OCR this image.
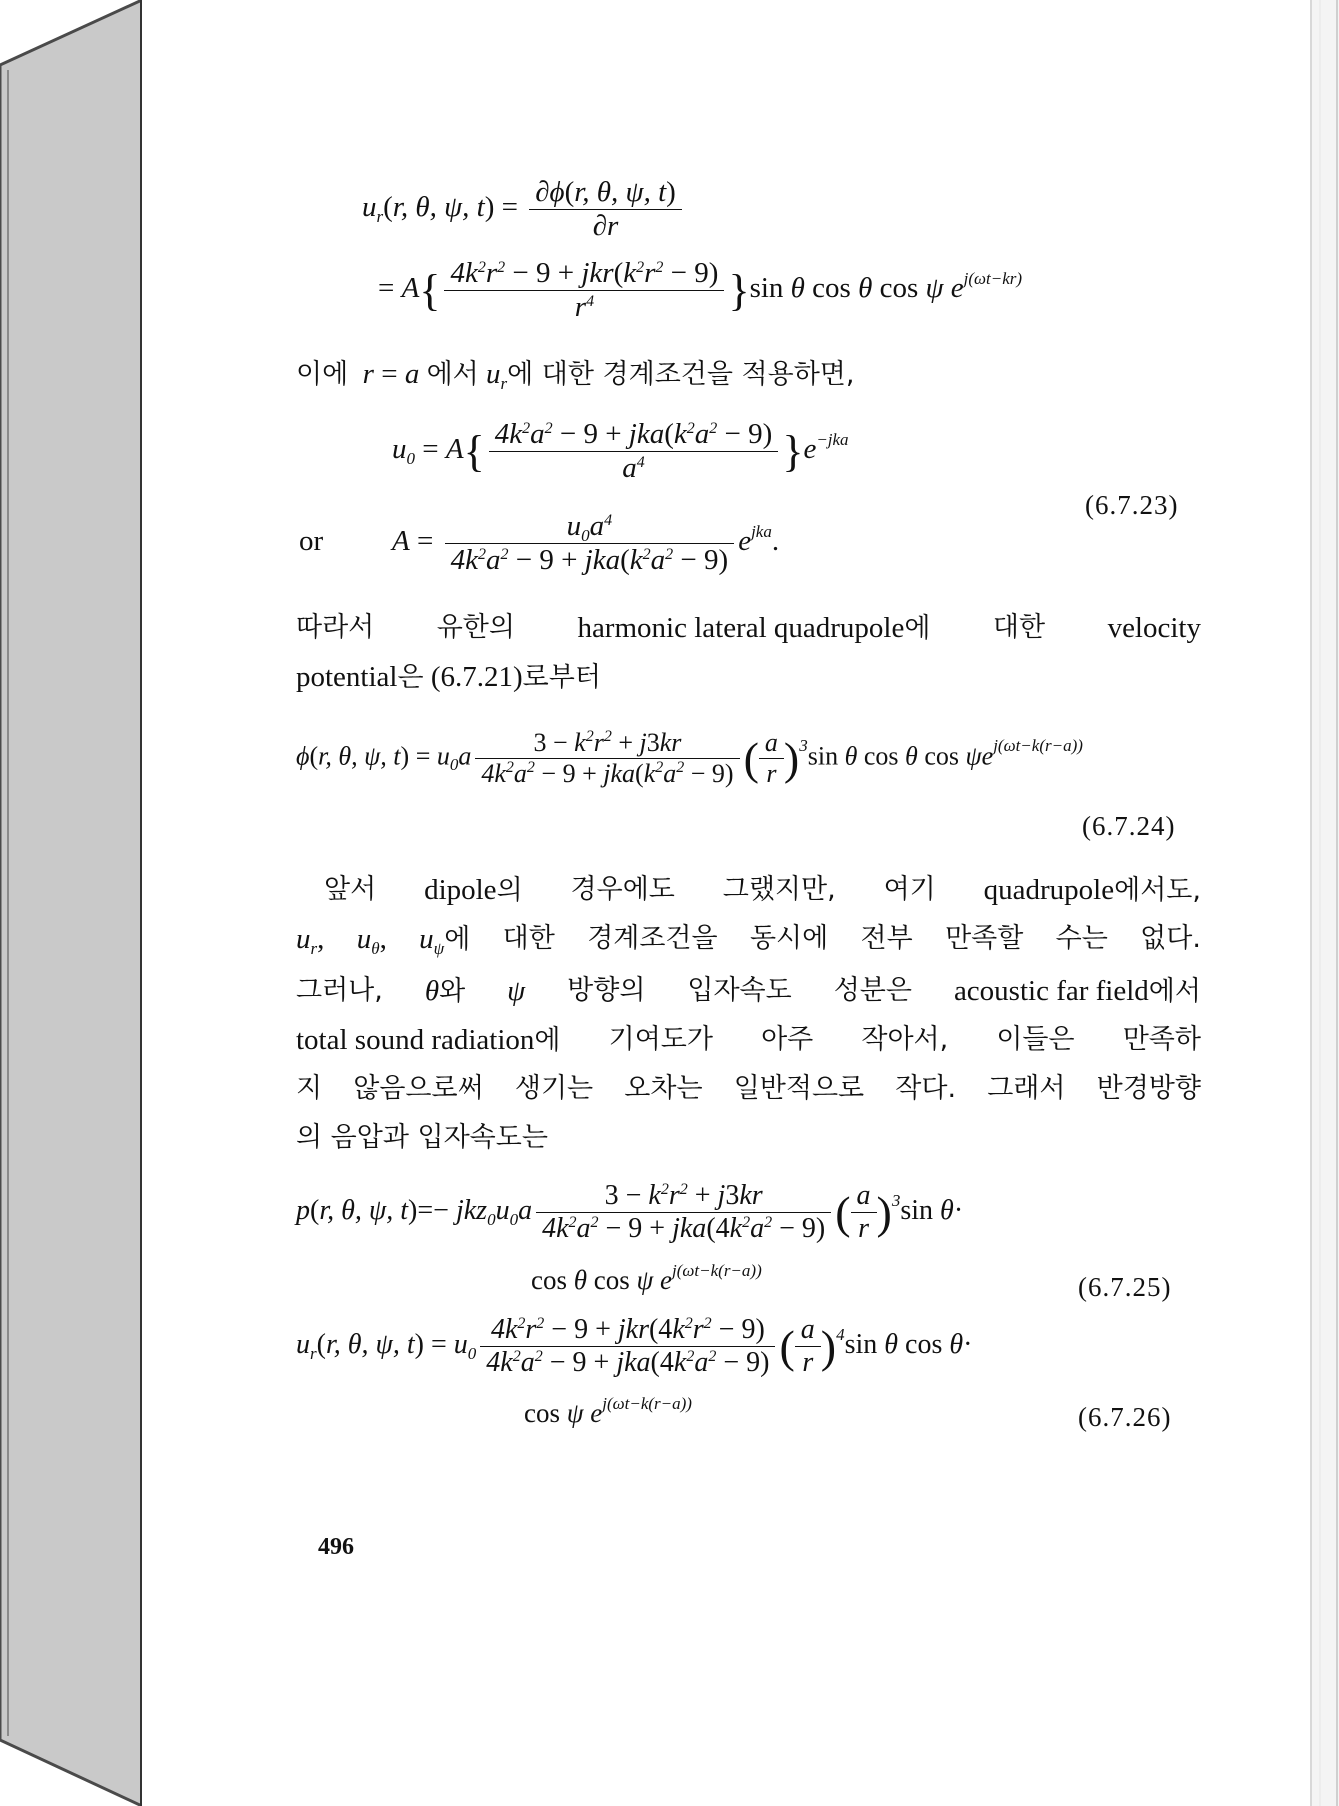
$u_r(r$, θ, ψ, $t) = \frac{\partial\phi(r, \theta, \psi, t)}{\partial r}$
= $A\{ \frac{4k^2r^2 - 9 + jkr(k^2r^2 - 9)}{r^4} \}\sin$ θ cos θ cos ψ $e^{j(\omega t-kr)}$
이에 r = a 에서 $u_r$에 대한 경계조건을 적용하면,
$u_0 = A\{ \frac{4k^2a^2 - 9 + jka(k^2a^2 - 9)}{a^4} \}e^{-jka}$
(6.7.23)
or $A = \frac{u_0a^4}{4k^2a^2 - 9 + jka(k^2a^2 - 9)} e^{jka}$.
따라서 유한의 harmonic lateral quadrupole에 대한 velocity
potential은 (6.7.21)로부터
ϕ(r, θ, ψ, $t) = u_0a \frac{3 - k^2r^2 + j3kr}{4k^2a^2 - 9 + jka(k^2a^2 - 9)}$ ( $\frac{a}{r} )^3\sin$ θ cos θ $\cos \psi e^{j(\omega t-k(r-a))}$
(6.7.24)
앞서 dipole의 경우에도 그랬지만, 여기 quadrupole에서도,
$u_r$, $u_\theta$, $u_\psi$에 대한 경계조건을 동시에 전부 만족할 수는 없다.
그러나, θ와 ψ 방향의 입자속도 성분은 acoustic far field에서
total sound radiation에 기여도가 아주 작아서, 이들은 만족하
지 않음으로써 생기는 오차는 일반적으로 작다. 그래서 반경방향
의 음압과 입자속도는
p(r, θ, ψ, $t)=- jkz_0u_0a \frac{3 - k^2r^2 + j3kr}{4k^2a^2 - 9 + jka(4k^2a^2 - 9)}$ ( $\frac{a}{r} )^3\sin$ θ·
cos θ cos ψ $e^{j(\omega t-k(r-a))}$
(6.7.25)
$u_r(r$, θ, ψ, $t) = u_0 \frac{4k^2r^2 - 9 + jkr(4k^2r^2 - 9)}{4k^2a^2 - 9 + jka(4k^2a^2 - 9)}$ ( $\frac{a}{r} )^4\sin$ θ cos θ·
cos ψ $e^{j(\omega t-k(r-a))}$	(6.7.26)
496
